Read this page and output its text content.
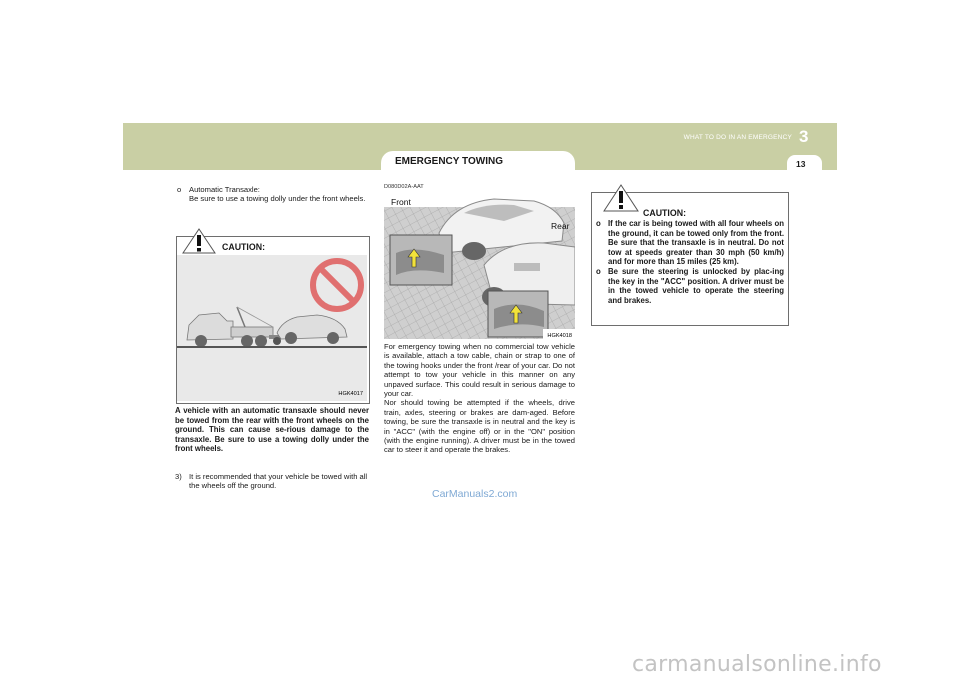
EMERGENCY TOWING
WHAT TO DO IN AN EMERGENCY 3
13
o	Automatic Transaxle:
Be sure to use a towing dolly under the front wheels.
CAUTION:
HGK4017
A vehicle with an automatic transaxle should never be towed from the rear with the front wheels on the ground. This can cause se-rious damage to the transaxle. Be sure to use a towing dolly under the front wheels.
3) It is recommended that your vehicle be towed with all the wheels off the ground.
D080D02A-AAT
Front
Rear
HGK4018
For emergency towing when no commercial tow vehicle is available, attach a tow cable, chain or strap to one of the towing hooks under the front /rear of your car. Do not attempt to tow your vehicle in this manner on any unpaved surface. This could result in serious damage to your car.
Nor should towing be attempted if the wheels, drive train, axles, steering or brakes are dam-aged. Before towing, be sure the transaxle is in neutral and the key is in "ACC" (with the engine off) or in the "ON" position (with the engine running). A driver must be in the towed car to steer it and operate the brakes.
CarManuals2.com
CAUTION:
o If the car is being towed with all four wheels on the ground, it can be towed only from the front. Be sure that the transaxle is in neutral. Do not tow at speeds greater than 30 mph (50 km/h) and for more than 15 miles (25 km).
o Be sure the steering is unlocked by plac-ing the key in the "ACC" position. A driver must be in the towed vehicle to operate the steering and brakes.
carmanualsonline.info
